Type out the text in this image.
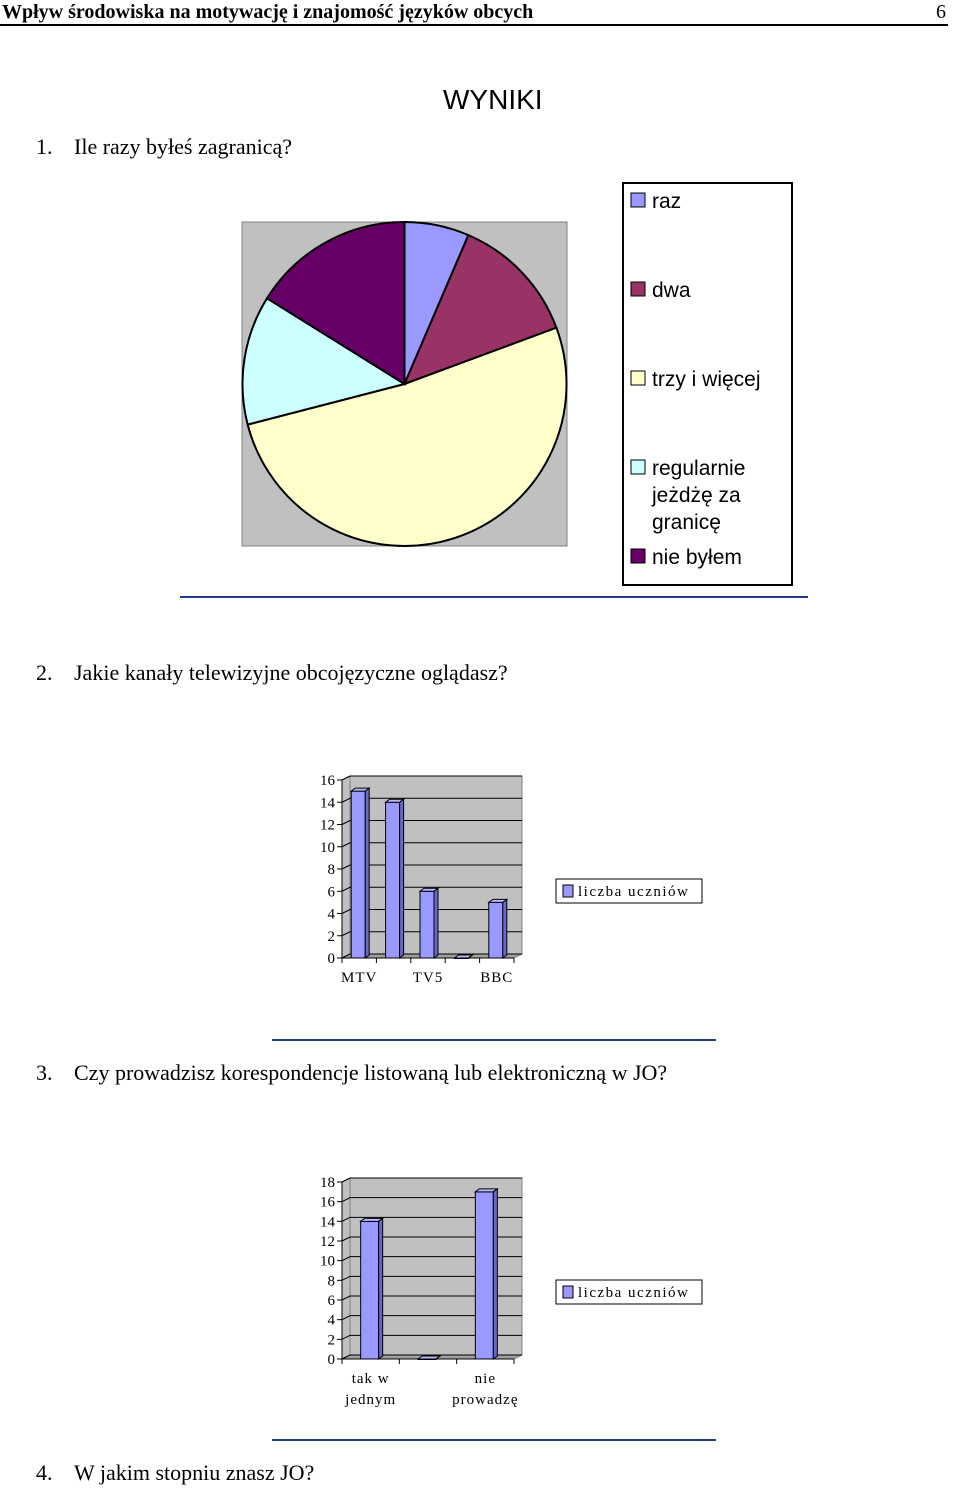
Wpływ środowiska na motywację i znajomość języków obcych	6
WYNIKI
1. Ile razy byłeś zagranicą?
2. Jakie kanały telewizyjne obcojęzyczne oglądasz?
3. Czy prowadzisz korespondencje listowaną lub elektroniczną w JO?
4. W jakim stopniu znasz JO?
raz
dwa
trzy i więcej
regularnie
jeżdżę za
granicę
nie byłem
0
2
4
6
8
10
12
14
16
MTV TV5 BBC
liczba uczniów
0
2
4
6
8
10
12
14
16
18
tak w
jednym
nie
prowadzę
liczba uczniów
